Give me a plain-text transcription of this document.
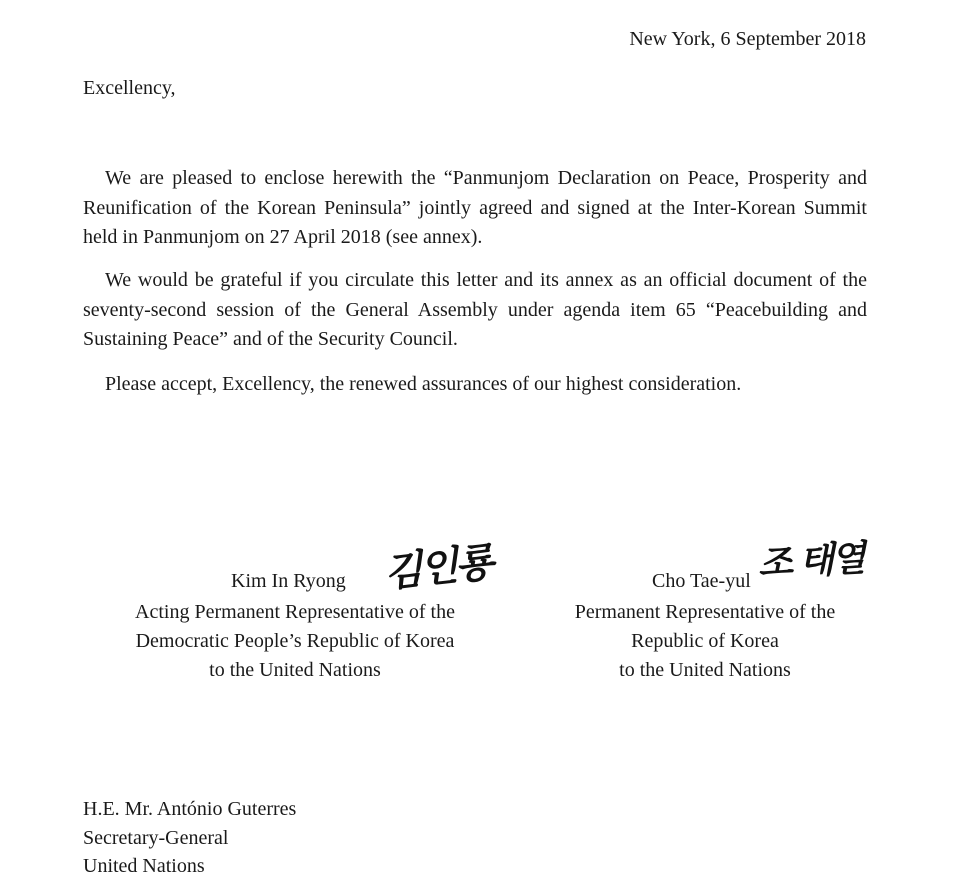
New York, 6 September 2018
Excellency,

We are pleased to enclose herewith the “Panmunjom Declaration on Peace, Prosperity and Reunification of the Korean Peninsula” jointly agreed and signed at the Inter-Korean Summit held in Panmunjom on 27 April 2018 (see annex).

We would be grateful if you circulate this letter and its annex as an official document of the seventy-second session of the General Assembly under agenda item 65 “Peacebuilding and Sustaining Peace” and of the Security Council.

Please accept, Excellency, the renewed assurances of our highest consideration.

Kim In Ryong 김인룡
Acting Permanent Representative of the
Democratic People’s Republic of Korea
to the United Nations
Cho Tae-yul 조 태열
Permanent Representative of the
Republic of Korea
to the United Nations
H.E. Mr. António Guterres
Secretary-General
United Nations
